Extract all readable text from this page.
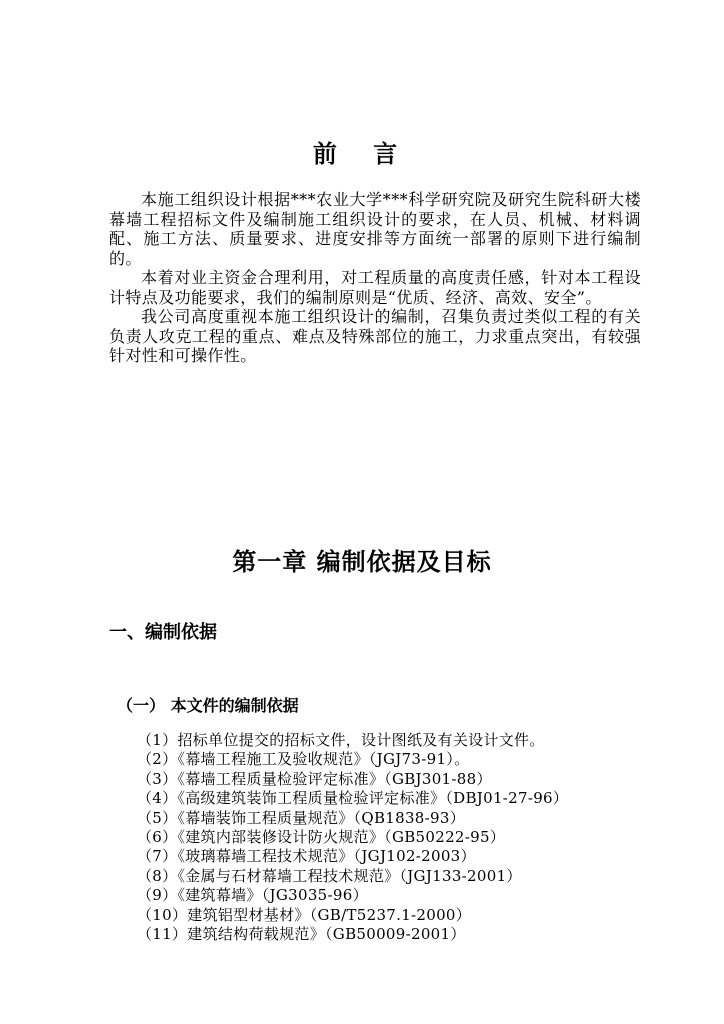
前 言

本施工组织设计根据***农业大学***科学研究院及研究生院科研大楼幕墙工程招标文件及编制施工组织设计的要求，在人员、机械、材料调配、施工方法、质量要求、进度安排等方面统一部署的原则下进行编制的。

本着对业主资金合理利用，对工程质量的高度责任感，针对本工程设计特点及功能要求，我们的编制原则是“优质、经济、高效、安全”。

我公司高度重视本施工组织设计的编制，召集负责过类似工程的有关负责人攻克工程的重点、难点及特殊部位的施工，力求重点突出，有较强针对性和可操作性。

第一章 编制依据及目标
一、编制依据
（一） 本文件的编制依据
（1）招标单位提交的招标文件，设计图纸及有关设计文件。
（2）《幕墙工程施工及验收规范》（JGJ73-91）。
（3）《幕墙工程质量检验评定标准》（GBJ301-88）
（4）《高级建筑装饰工程质量检验评定标准》（DBJ01-27-96）
（5）《幕墙装饰工程质量规范》（QB1838-93）
（6）《建筑内部装修设计防火规范》（GB50222-95）
（7）《玻璃幕墙工程技术规范》（JGJ102-2003）
（8）《金属与石材幕墙工程技术规范》（JGJ133-2001）
（9）《建筑幕墙》（JG3035-96）
（10）建筑铝型材基材》（GB/T5237.1-2000）
（11）建筑结构荷载规范》（GB50009-2001）
